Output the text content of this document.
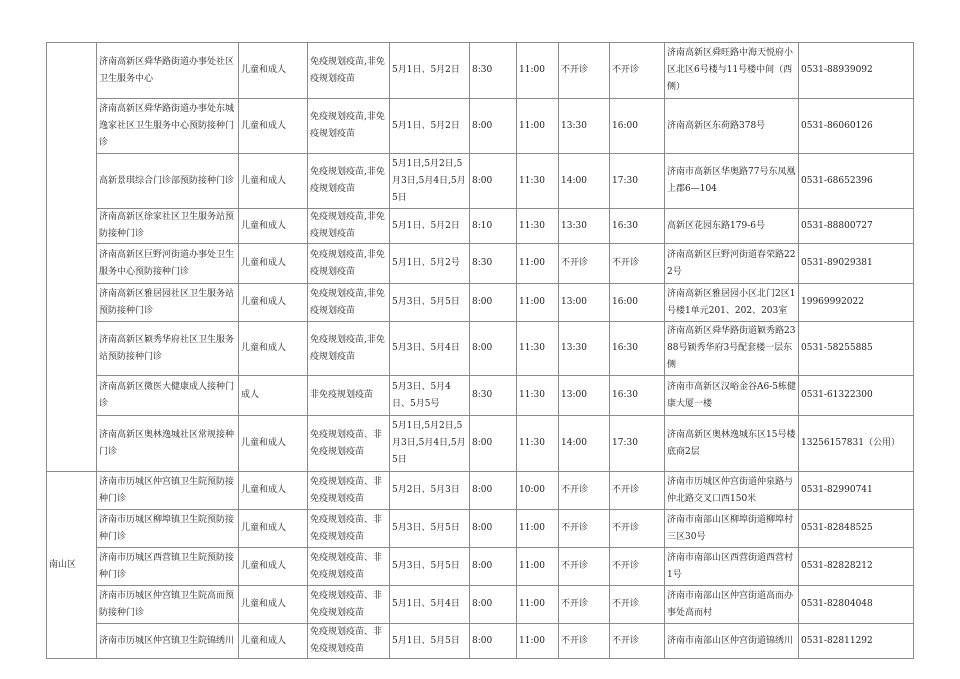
	济南高新区舜华路街道办事处社区卫生服务中心	儿童和成人	免疫规划疫苗,非免疫规划疫苗	5月1日、5月2日	8:30	11:00	不开诊	不开诊	济南高新区舜旺路中海天悦府小区北区6号楼与11号楼中间（西侧）	0531-88939092
	济南高新区舜华路街道办事处东城逸家社区卫生服务中心预防接种门诊	儿童和成人	免疫规划疫苗,非免疫规划疫苗	5月1日、5月2日	8:00	11:00	13:30	16:00	济南高新区东荷路378号	0531-86060126
	高新景琪综合门诊部预防接种门诊	儿童和成人	免疫规划疫苗,非免疫规划疫苗	5月1日,5月2日,5月3日,5月4日,5月5日	8:00	11:30	14:00	17:30	济南市高新区华奥路77号东凤凰上郡6—104	0531-68652396
	济南高新区徐家社区卫生服务站预防接种门诊	儿童和成人	免疫规划疫苗,非免疫规划疫苗	5月1日、5月2日	8:10	11:30	13:30	16:30	高新区花园东路179-6号	0531-88800727
	济南高新区巨野河街道办事处卫生服务中心预防接种门诊	儿童和成人	免疫规划疫苗,非免疫规划疫苗	5月1日、5月2号	8:30	11:00	不开诊	不开诊	济南高新区巨野河街道春荣路222号	0531-89029381
	济南高新区雅居园社区卫生服务站预防接种门诊	儿童和成人	免疫规划疫苗,非免疫规划疫苗	5月3日、5月5日	8:00	11:00	13:00	16:00	济南高新区雅居园小区北门2区1号楼1单元201、202、203室	19969992022
	济南高新区颖秀华府社区卫生服务站预防接种门诊	儿童和成人	免疫规划疫苗,非免疫规划疫苗	5月3日、5月4日	8:00	11:30	13:30	16:30	济南高新区舜华路街道颖秀路2388号颖秀华府3号配套楼一层东侧	0531-58255885
	济南高新区微医大健康成人接种门诊	成人	非免疫规划疫苗	5月3日、5月4日、5月5号	8:30	11:30	13:00	16:30	济南市高新区汉峪金谷A6-5栋健康大厦一楼	0531-61322300
	济南高新区奥林逸城社区常规接种门诊	儿童和成人	免疫规划疫苗、非免疫规划疫苗	5月1日,5月2日,5月3日,5月4日,5月5日	8:00	11:30	14:00	17:30	济南高新区奥林逸城东区15号楼底商2层	13256157831（公用）
南山区	济南市历城区仲宫镇卫生院预防接种门诊	儿童和成人	免疫规划疫苗、非免疫规划疫苗	5月2日、5月3日	8:00	10:00	不开诊	不开诊	济南市历城区仲宫街道仲泉路与仲北路交叉口西150米	0531-82990741
	济南市历城区柳埠镇卫生院预防接种门诊	儿童和成人	免疫规划疫苗、非免疫规划疫苗	5月3日、5月5日	8:00	11:00	不开诊	不开诊	济南市南部山区柳埠街道柳埠村三区30号	0531-82848525
	济南市历城区西营镇卫生院预防接种门诊	儿童和成人	免疫规划疫苗、非免疫规划疫苗	5月3日、5月5日	8:00	11:00	不开诊	不开诊	济南市南部山区西营街道西营村1号	0531-82828212
	济南市历城区仲宫镇卫生院高而预防接种门诊	儿童和成人	免疫规划疫苗、非免疫规划疫苗	5月1日、5月4日	8:00	11:00	不开诊	不开诊	济南市南部山区仲宫街道高而办事处高而村	0531-82804048
	济南市历城区仲宫镇卫生院锦绣川	儿童和成人	免疫规划疫苗、非免疫规划疫苗	5月1日、5月5日	8:00	11:00	不开诊	不开诊	济南市南部山区仲宫街道锦绣川	0531-82811292
